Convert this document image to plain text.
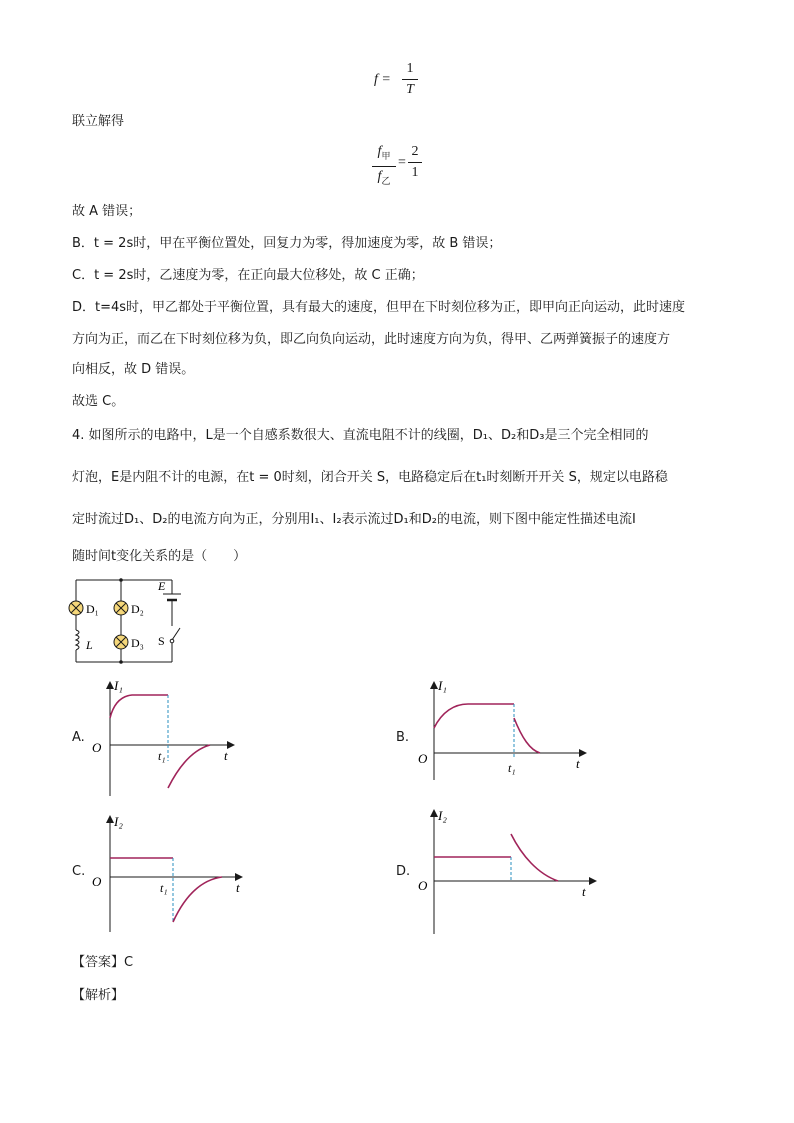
f =
1
T
联立解得
$f_甲$
$f_乙$
=
2
1
故 A 错误；
B．t = 2s时，甲在平衡位置处，回复力为零，得加速度为零，故 B 错误；
C．t = 2s时，乙速度为零，在正向最大位移处，故 C 正确；
D．t=4s时，甲乙都处于平衡位置，具有最大的速度，但甲在下时刻位移为正，即甲向正向运动，此时速度
方向为正，而乙在下时刻位移为负，即乙向负向运动，此时速度方向为负，得甲、乙两弹簧振子的速度方
向相反，故 D 错误。
故选 C。
4. 如图所示的电路中，L是一个自感系数很大、直流电阻不计的线圈，D₁、D₂和D₃是三个完全相同的
灯泡，E是内阻不计的电源，在t = 0时刻，闭合开关 S，电路稳定后在t₁时刻断开开关 S，规定以电路稳
定时流过D₁、D₂的电流方向为正，分别用I₁、I₂表示流过D₁和D₂的电流，则下图中能定性描述电流I
随时间t变化关系的是（　　）
D₁	D₂
D₃
E
L	S
A.
I₁
O
t
t₁
B.
I₁
O	t
t₁
C.
I₂
O	t
t₁
D.
I₂
O	t
【答案】C
【解析】
